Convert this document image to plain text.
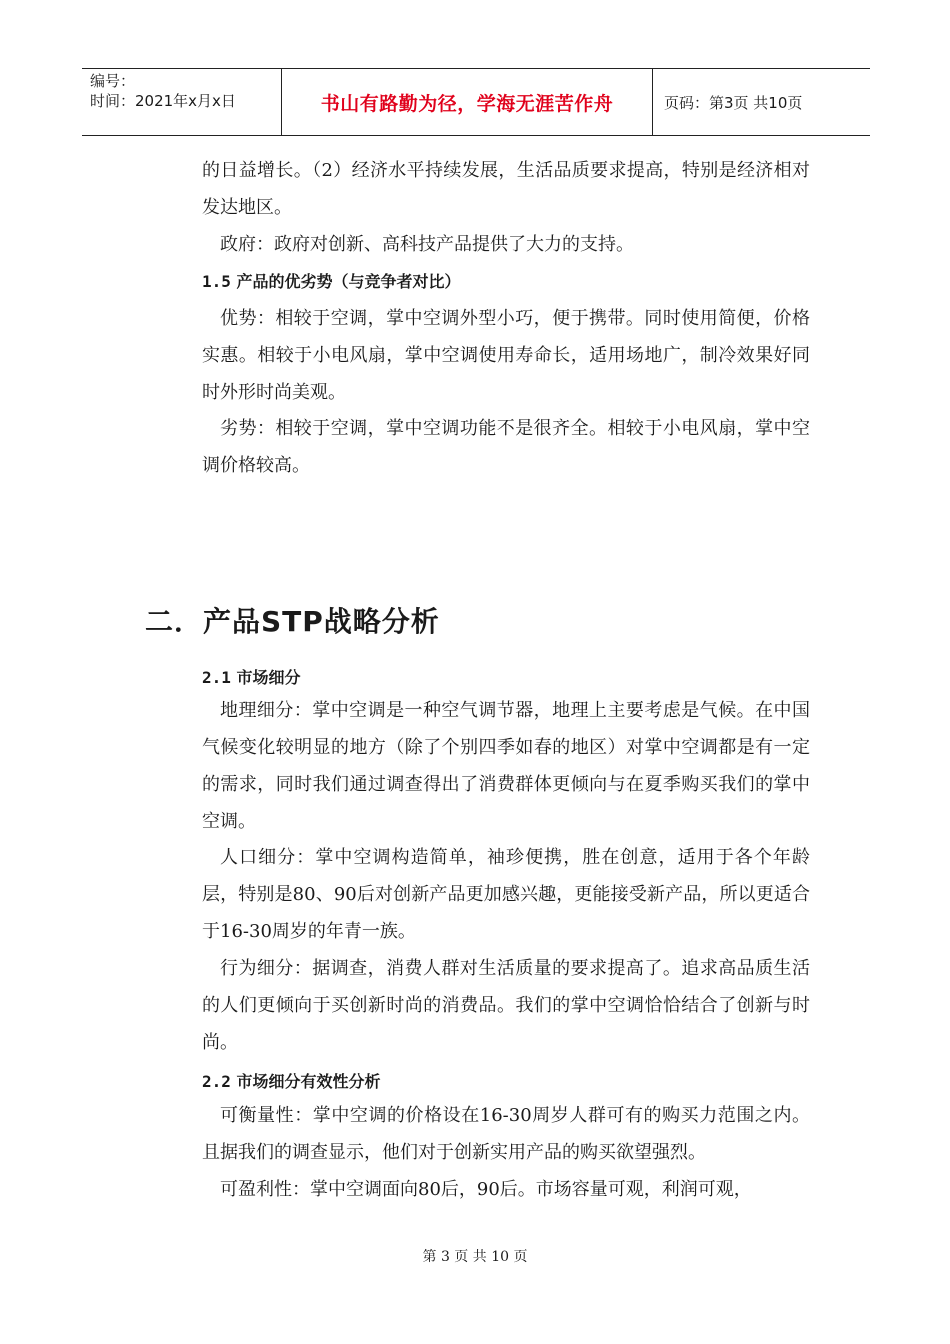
编号：
时间：2021年x月x日	书山有路勤为径，学海无涯苦作舟	页码：第3页 共10页

的日益增长。（2）经济水平持续发展，生活品质要求提高，特别是经济相对发达地区。

政府：政府对创新、高科技产品提供了大力的支持。

1.5 产品的优劣势（与竞争者对比）

优势：相较于空调，掌中空调外型小巧，便于携带。同时使用简便，价格实惠。相较于小电风扇，掌中空调使用寿命长，适用场地广，制冷效果好同时外形时尚美观。

劣势：相较于空调，掌中空调功能不是很齐全。相较于小电风扇，掌中空调价格较高。

二．产品STP战略分析

2.1 市场细分

地理细分：掌中空调是一种空气调节器，地理上主要考虑是气候。在中国气候变化较明显的地方（除了个别四季如春的地区）对掌中空调都是有一定的需求，同时我们通过调查得出了消费群体更倾向与在夏季购买我们的掌中空调。

人口细分：掌中空调构造简单，袖珍便携，胜在创意，适用于各个年龄层，特别是80、90后对创新产品更加感兴趣，更能接受新产品，所以更适合于16-30周岁的年青一族。

行为细分：据调查，消费人群对生活质量的要求提高了。追求高品质生活的人们更倾向于买创新时尚的消费品。我们的掌中空调恰恰结合了创新与时尚。

2.2 市场细分有效性分析

可衡量性：掌中空调的价格设在16-30周岁人群可有的购买力范围之内。且据我们的调查显示，他们对于创新实用产品的购买欲望强烈。

可盈利性：掌中空调面向80后，90后。市场容量可观，利润可观，

第 3 页 共 10 页
